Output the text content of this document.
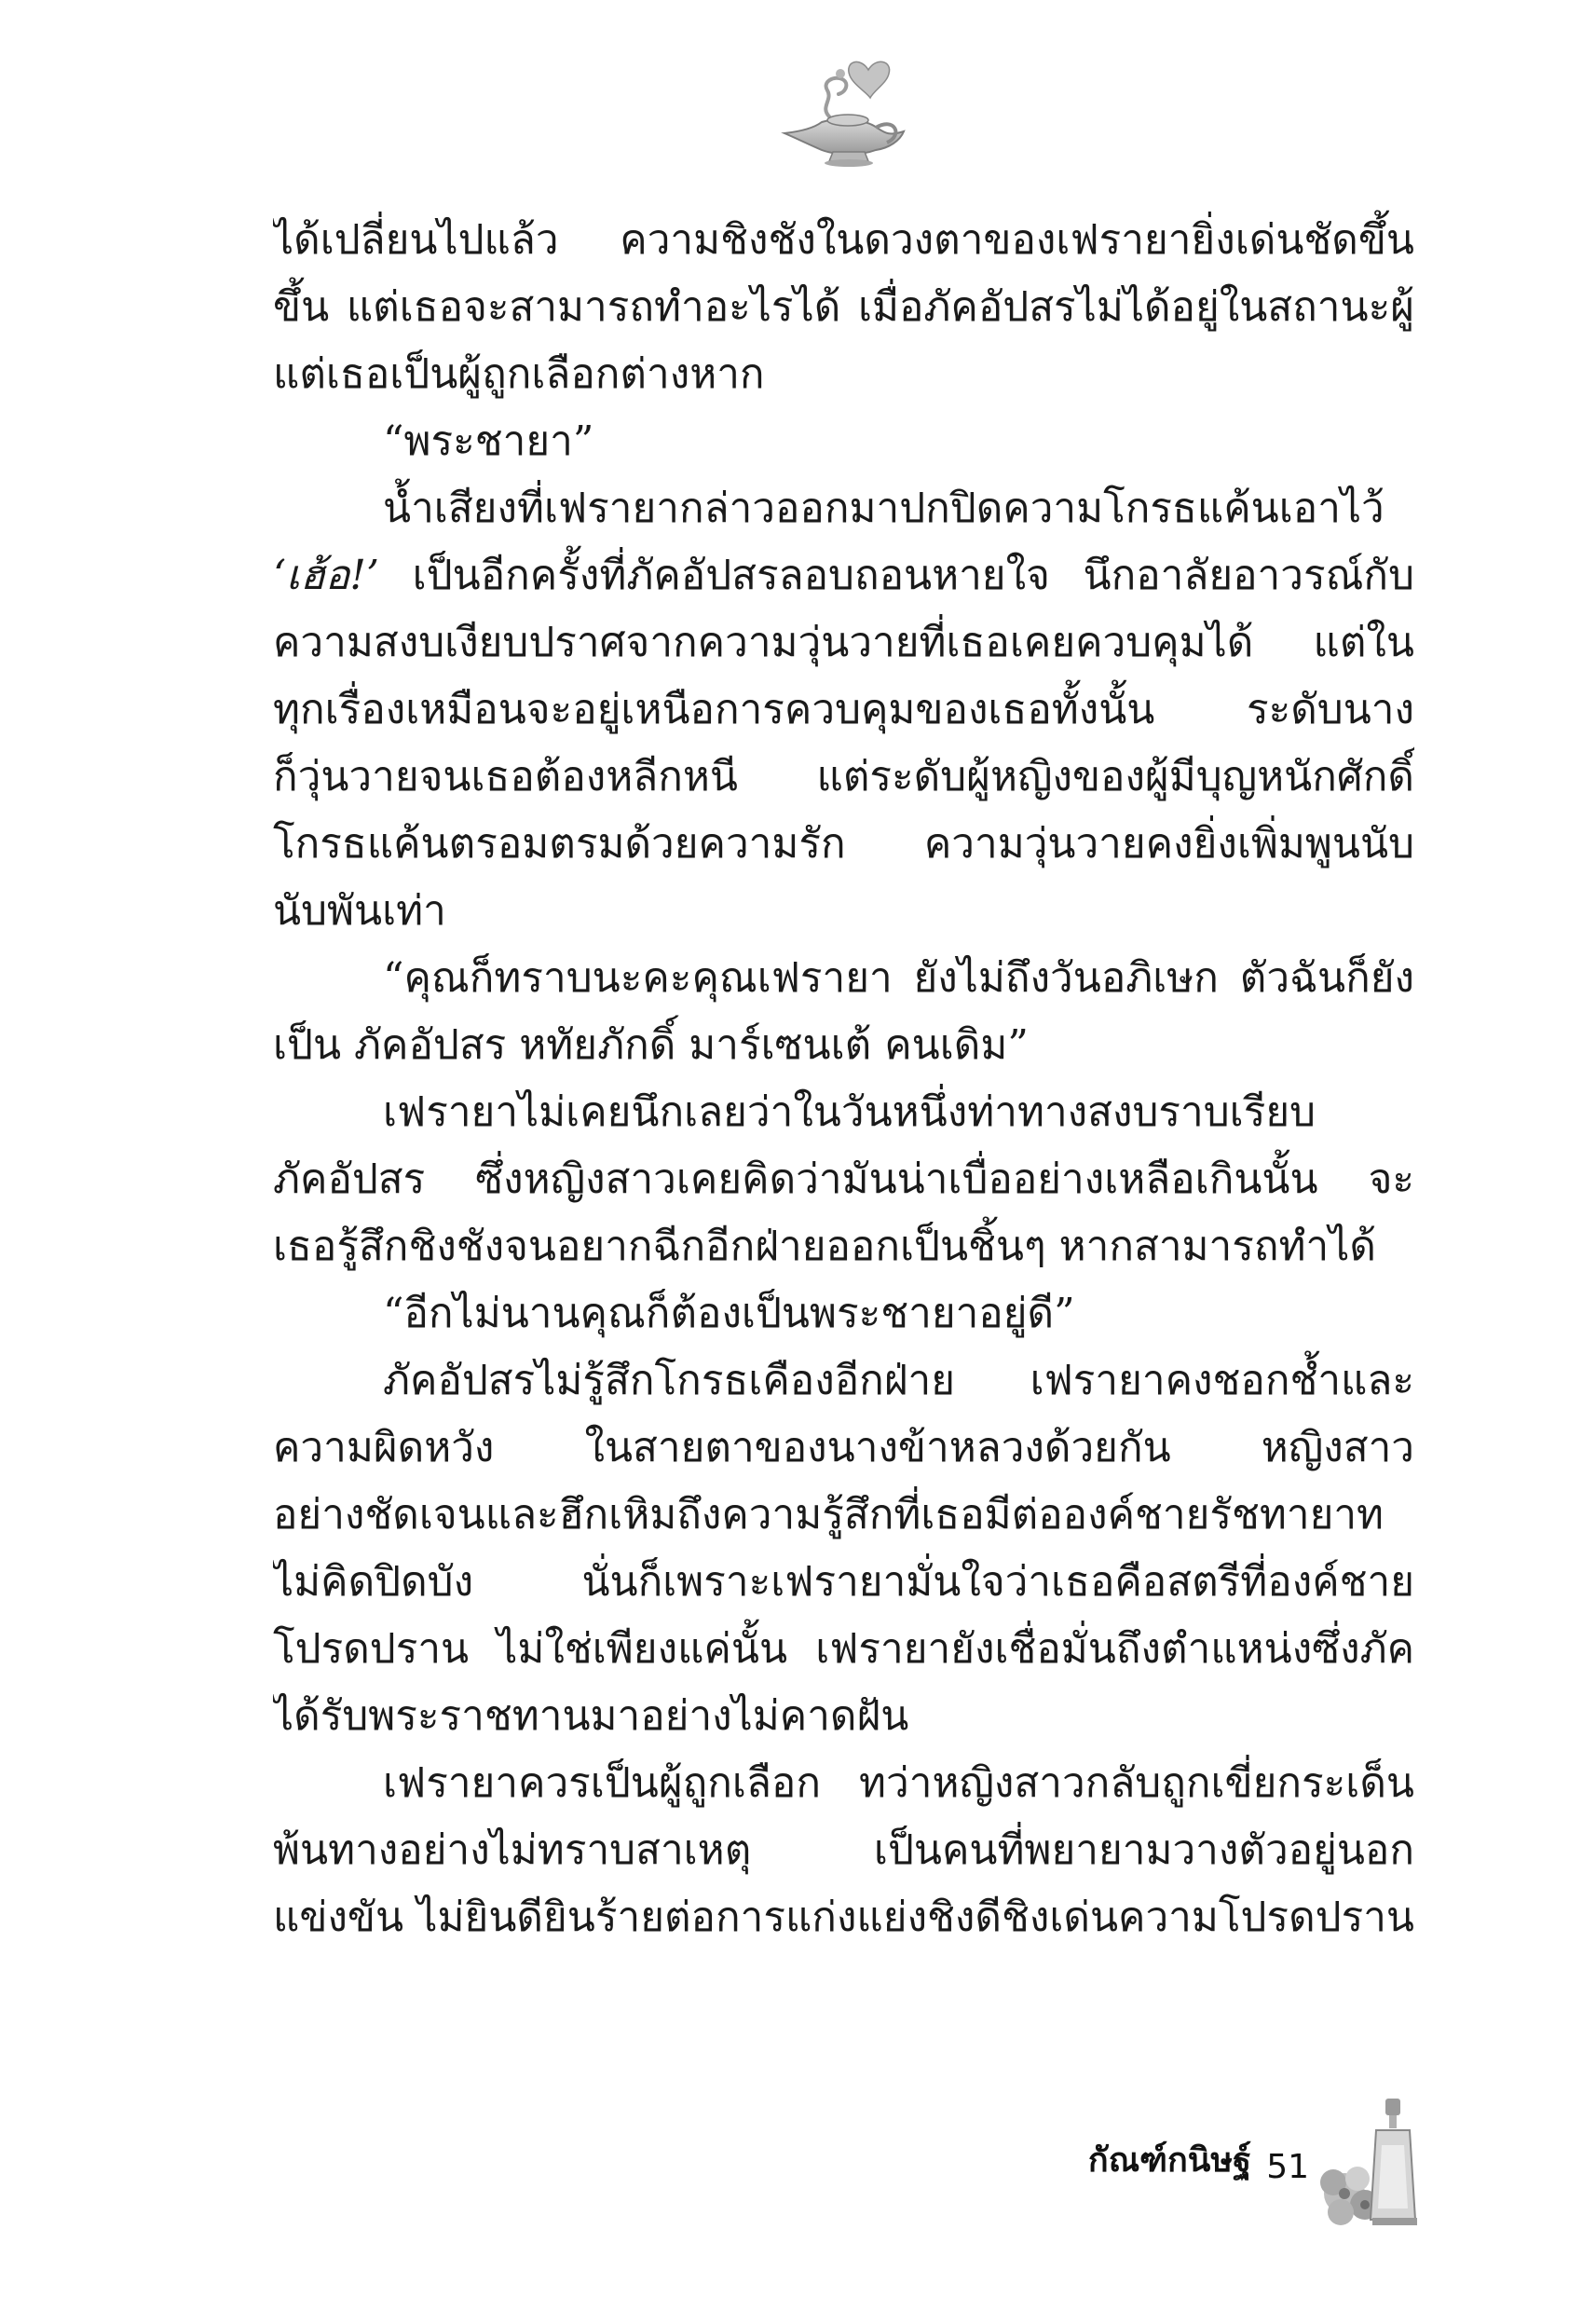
ได้เปลี่ยนไปแล้ว ความชิงชังในดวงตาของเฟรายายิ่งเด่นชัดขึ้น

ขึ้น แต่เธอจะสามารถทำอะไรได้ เมื่อภัคอัปสรไม่ได้อยู่ในสถานะผู้

แต่เธอเป็นผู้ถูกเลือกต่างหาก

“พระชายา”

น้ำเสียงที่เฟรายากล่าวออกมาปกปิดความโกรธแค้นเอาไว้

‘เฮ้อ!’ เป็นอีกครั้งที่ภัคอัปสรลอบถอนหายใจ นึกอาลัยอาวรณ์กับ

ความสงบเงียบปราศจากความวุ่นวายที่เธอเคยควบคุมได้ แต่ใน

ทุกเรื่องเหมือนจะอยู่เหนือการควบคุมของเธอทั้งนั้น ระดับนาง

ก็วุ่นวายจนเธอต้องหลีกหนี แต่ระดับผู้หญิงของผู้มีบุญหนักศักดิ์

โกรธแค้นตรอมตรมด้วยความรัก ความวุ่นวายคงยิ่งเพิ่มพูนนับ

นับพันเท่า

“คุณก็ทราบนะคะคุณเฟรายา ยังไม่ถึงวันอภิเษก ตัวฉันก็ยัง

เป็น ภัคอัปสร หทัยภักดิ์ มาร์เซนเต้ คนเดิม”

เฟรายาไม่เคยนึกเลยว่าในวันหนึ่งท่าทางสงบราบเรียบ

ภัคอัปสร ซึ่งหญิงสาวเคยคิดว่ามันน่าเบื่ออย่างเหลือเกินนั้น จะ

เธอรู้สึกชิงชังจนอยากฉีกอีกฝ่ายออกเป็นชิ้นๆ หากสามารถทำได้

“อีกไม่นานคุณก็ต้องเป็นพระชายาอยู่ดี”

ภัคอัปสรไม่รู้สึกโกรธเคืองอีกฝ่าย เฟรายาคงชอกช้ำและ

ความผิดหวัง ในสายตาของนางข้าหลวงด้วยกัน หญิงสาว

อย่างชัดเจนและฮึกเหิมถึงความรู้สึกที่เธอมีต่อองค์ชายรัชทายาท

ไม่คิดปิดบัง นั่นก็เพราะเฟรายามั่นใจว่าเธอคือสตรีที่องค์ชาย

โปรดปราน ไม่ใช่เพียงแค่นั้น เฟรายายังเชื่อมั่นถึงตำแหน่งซึ่งภัค

ได้รับพระราชทานมาอย่างไม่คาดฝัน

เฟรายาควรเป็นผู้ถูกเลือก ทว่าหญิงสาวกลับถูกเขี่ยกระเด็น

พ้นทางอย่างไม่ทราบสาเหตุ เป็นคนที่พยายามวางตัวอยู่นอก

แข่งขัน ไม่ยินดียินร้ายต่อการแก่งแย่งชิงดีชิงเด่นความโปรดปราน

กัณฑ์กนิษฐ์ 51
